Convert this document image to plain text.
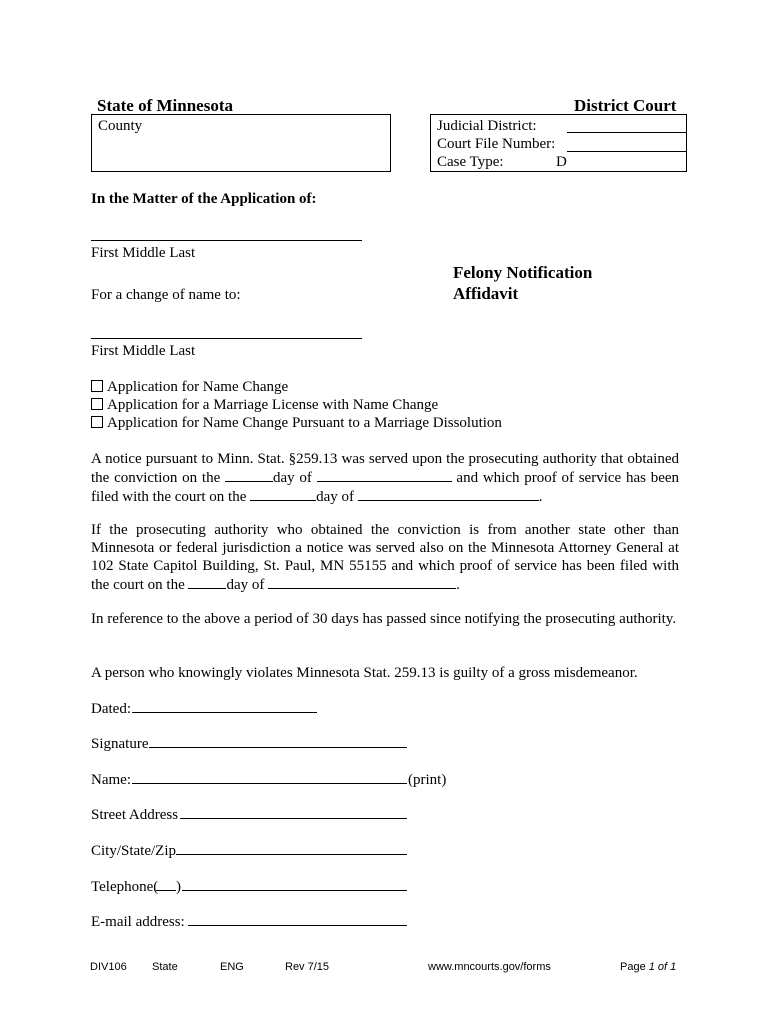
State of Minnesota	District Court
County	Judicial District:
Court File Number:
Case Type:	D
In the Matter of the Application of:
First Middle Last
For a change of name to:
Felony Notification
Affidavit
First Middle Last
Application for Name Change
Application for a Marriage License with Name Change
Application for Name Change Pursuant to a Marriage Dissolution
A notice pursuant to Minn. Stat. §259.13 was served upon the prosecuting authority that obtained the conviction on the	day of	and which proof of service has been filed with the court on the	day of	.
If the prosecuting authority who obtained the conviction is from another state other than Minnesota or federal jurisdiction a notice was served also on the Minnesota Attorney General at 102 State Capitol Building, St. Paul, MN 55155 and which proof of service has been filed with the court on the	day of	.
In reference to the above a period of 30 days has passed since notifying the prosecuting authority.
A person who knowingly violates Minnesota Stat. 259.13 is guilty of a gross misdemeanor.
Dated:
Signature
Name:	(print)
Street Address
City/State/Zip
Telephone( )
E-mail address:
DIV106 State	ENG	Rev 7/15	www.mncourts.gov/forms	Page 1 of 1
